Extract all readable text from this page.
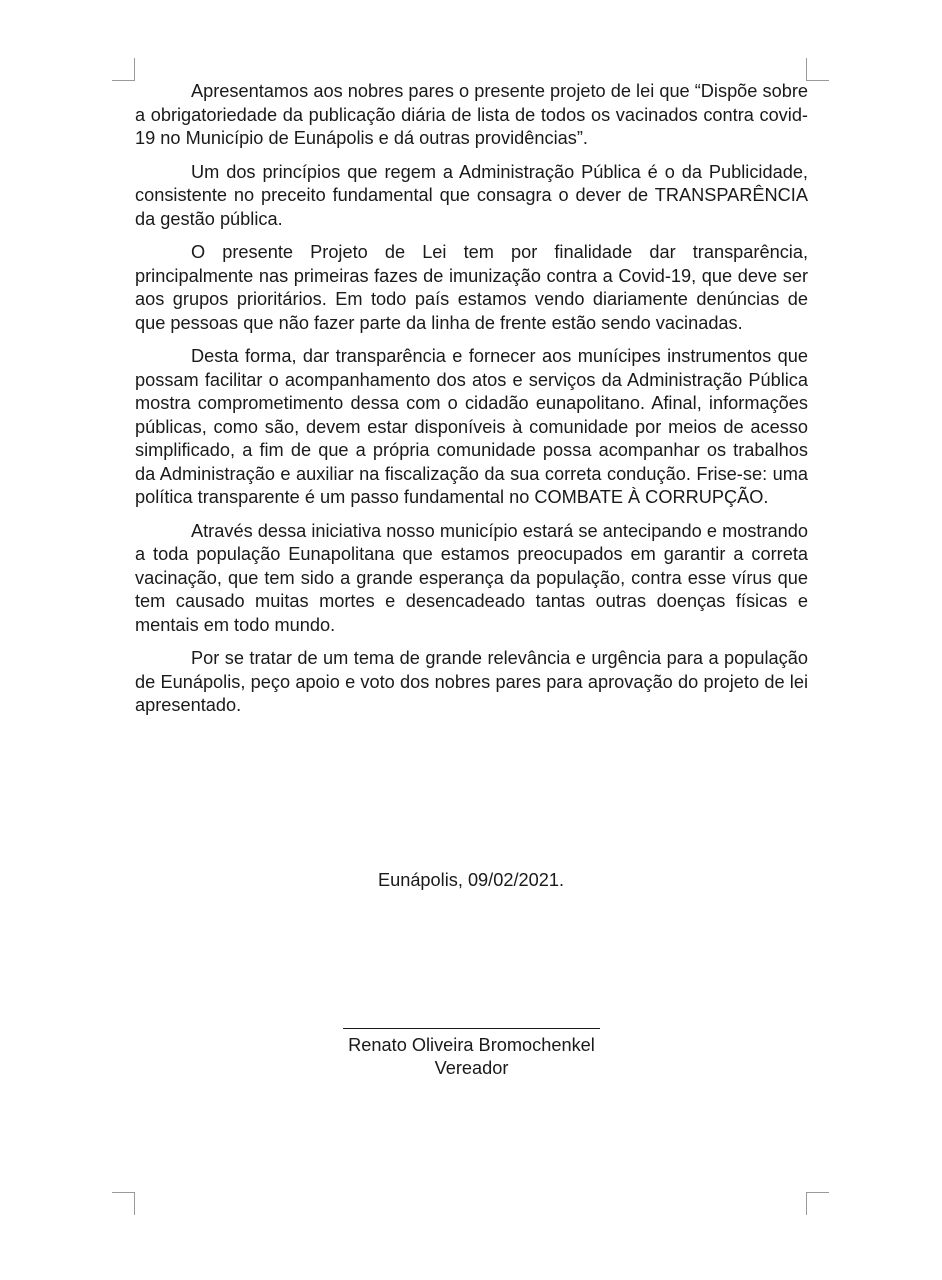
Apresentamos aos nobres pares o presente projeto de lei que “Dispõe sobre a obrigatoriedade da publicação diária de lista de todos os vacinados contra covid-19 no Município de Eunápolis e dá outras providências”.

Um dos princípios que regem a Administração Pública é o da Publicidade, consistente no preceito fundamental que consagra o dever de TRANSPARÊNCIA da gestão pública.

O presente Projeto de Lei tem por finalidade dar transparência, principalmente nas primeiras fazes de imunização contra a Covid-19, que deve ser aos grupos prioritários. Em todo país estamos vendo diariamente denúncias de que pessoas que não fazer parte da linha de frente estão sendo vacinadas.

Desta forma, dar transparência e fornecer aos munícipes instrumentos que possam facilitar o acompanhamento dos atos e serviços da Administração Pública mostra comprometimento dessa com o cidadão eunapolitano. Afinal, informações públicas, como são, devem estar disponíveis à comunidade por meios de acesso simplificado, a fim de que a própria comunidade possa acompanhar os trabalhos da Administração e auxiliar na fiscalização da sua correta condução. Frise-se: uma política transparente é um passo fundamental no COMBATE À CORRUPÇÃO.

Através dessa iniciativa nosso município estará se antecipando e mostrando a toda população Eunapolitana que estamos preocupados em garantir a correta vacinação, que tem sido a grande esperança da população, contra esse vírus que tem causado muitas mortes e desencadeado tantas outras doenças físicas e mentais em todo mundo.

Por se tratar de um tema de grande relevância e urgência para a população de Eunápolis, peço apoio e voto dos nobres pares para aprovação do projeto de lei apresentado.

Eunápolis, 09/02/2021.
Renato Oliveira Bromochenkel
Vereador
